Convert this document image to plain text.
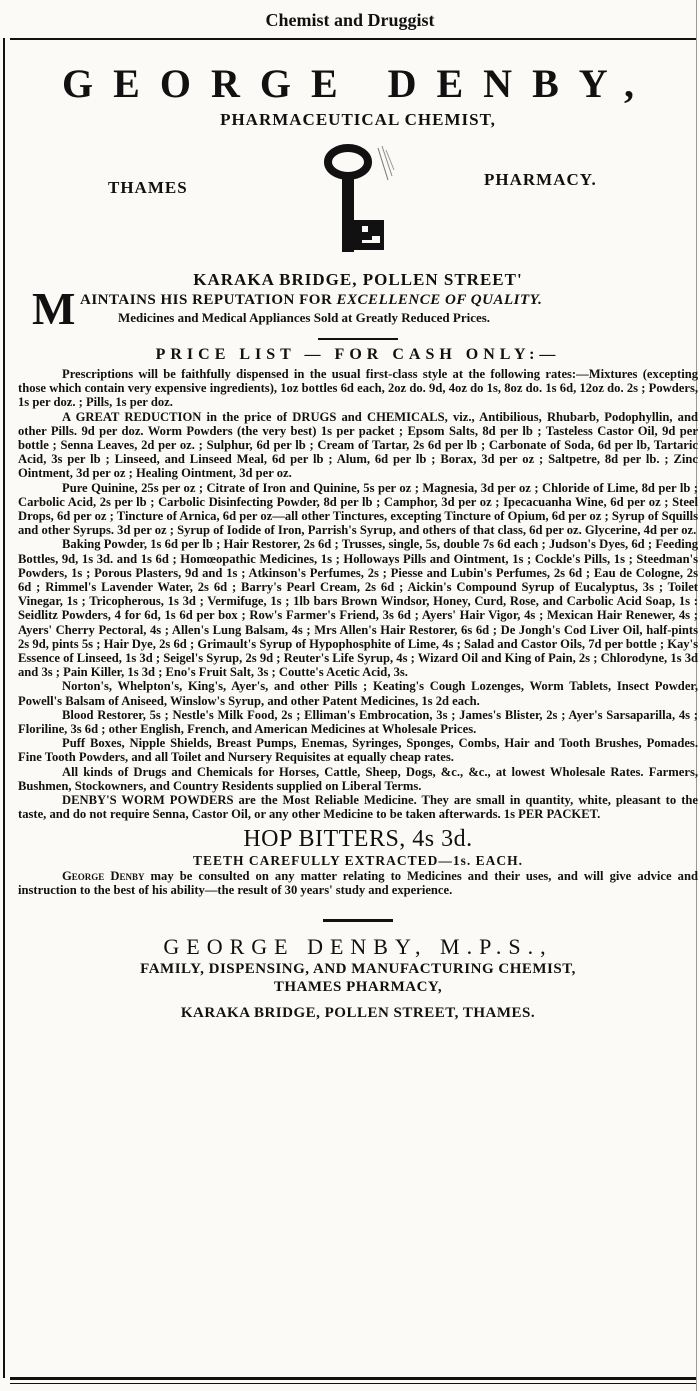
Chemist and Druggist
GEORGE DENBY,
PHARMACEUTICAL CHEMIST,
THAMES	PHARMACY.
KARAKA BRIDGE, POLLEN STREET'
M AINTAINS HIS REPUTATION FOR EXCELLENCE OF QUALITY.
Medicines and Medical Appliances Sold at Greatly Reduced Prices.
PRICE LIST — FOR CASH ONLY:—

Prescriptions will be faithfully dispensed in the usual first-class style at the following rates:—Mixtures (excepting those which contain very expensive ingredients), 1oz bottles 6d each, 2oz do. 9d, 4oz do 1s, 8oz do. 1s 6d, 12oz do. 2s ; Powders, 1s per doz. ; Pills, 1s per doz.

A GREAT REDUCTION in the price of DRUGS and CHEMICALS, viz., Antibilious, Rhubarb, Podophyllin, and other Pills. 9d per doz. Worm Powders (the very best) 1s per packet ; Epsom Salts, 8d per lb ; Tasteless Castor Oil, 9d per bottle ; Senna Leaves, 2d per oz. ; Sulphur, 6d per lb ; Cream of Tartar, 2s 6d per lb ; Carbonate of Soda, 6d per lb, Tartaric Acid, 3s per lb ; Linseed, and Linseed Meal, 6d per lb ; Alum, 6d per lb ; Borax, 3d per oz ; Saltpetre, 8d per lb. ; Zinc Ointment, 3d per oz ; Healing Ointment, 3d per oz.

Pure Quinine, 25s per oz ; Citrate of Iron and Quinine, 5s per oz ; Magnesia, 3d per oz ; Chloride of Lime, 8d per lb ; Carbolic Acid, 2s per lb ; Carbolic Disinfecting Powder, 8d per lb ; Camphor, 3d per oz ; Ipecacuanha Wine, 6d per oz ; Steel Drops, 6d per oz ; Tincture of Arnica, 6d per oz—all other Tinctures, excepting Tincture of Opium, 6d per oz ; Syrup of Squills and other Syrups. 3d per oz ; Syrup of Iodide of Iron, Parrish's Syrup, and others of that class, 6d per oz. Glycerine, 4d per oz.

Baking Powder, 1s 6d per lb ; Hair Restorer, 2s 6d ; Trusses, single, 5s, double 7s 6d each ; Judson's Dyes, 6d ; Feeding Bottles, 9d, 1s 3d. and 1s 6d ; Homœopathic Medicines, 1s ; Holloways Pills and Ointment, 1s ; Cockle's Pills, 1s ; Steedman's Powders, 1s ; Porous Plasters, 9d and 1s ; Atkinson's Perfumes, 2s ; Piesse and Lubin's Perfumes, 2s 6d ; Eau de Cologne, 2s 6d ; Rimmel's Lavender Water, 2s 6d ; Barry's Pearl Cream, 2s 6d ; Aickin's Compound Syrup of Eucalyptus, 3s ; Toilet Vinegar, 1s ; Tricopherous, 1s 3d ; Vermifuge, 1s ; 1lb bars Brown Windsor, Honey, Curd, Rose, and Carbolic Acid Soap, 1s : Seidlitz Powders, 4 for 6d, 1s 6d per box ; Row's Farmer's Friend, 3s 6d ; Ayers' Hair Vigor, 4s ; Mexican Hair Renewer, 4s ; Ayers' Cherry Pectoral, 4s ; Allen's Lung Balsam, 4s ; Mrs Allen's Hair Restorer, 6s 6d ; De Jongh's Cod Liver Oil, half-pints 2s 9d, pints 5s ; Hair Dye, 2s 6d ; Grimault's Syrup of Hypophosphite of Lime, 4s ; Salad and Castor Oils, 7d per bottle ; Kay's Essence of Linseed, 1s 3d ; Seigel's Syrup, 2s 9d ; Reuter's Life Syrup, 4s ; Wizard Oil and King of Pain, 2s ; Chlorodyne, 1s 3d and 3s ; Pain Killer, 1s 3d ; Eno's Fruit Salt, 3s ; Coutte's Acetic Acid, 3s.

Norton's, Whelpton's, King's, Ayer's, and other Pills ; Keating's Cough Lozenges, Worm Tablets, Insect Powder, Powell's Balsam of Aniseed, Winslow's Syrup, and other Patent Medicines, 1s 2d each.

Blood Restorer, 5s ; Nestle's Milk Food, 2s ; Elliman's Embrocation, 3s ; James's Blister, 2s ; Ayer's Sarsaparilla, 4s ; Floriline, 3s 6d ; other English, French, and American Medicines at Wholesale Prices.

Puff Boxes, Nipple Shields, Breast Pumps, Enemas, Syringes, Sponges, Combs, Hair and Tooth Brushes, Pomades. Fine Tooth Powders, and all Toilet and Nursery Requisites at equally cheap rates.

All kinds of Drugs and Chemicals for Horses, Cattle, Sheep, Dogs, &c., &c., at lowest Wholesale Rates. Farmers, Bushmen, Stockowners, and Country Residents supplied on Liberal Terms.

DENBY'S WORM POWDERS are the Most Reliable Medicine. They are small in quantity, white, pleasant to the taste, and do not require Senna, Castor Oil, or any other Medicine to be taken afterwards. 1s PER PACKET.

HOP BITTERS, 4s 3d.
TEETH CAREFULLY EXTRACTED—1s. EACH.

George Denby may be consulted on any matter relating to Medicines and their uses, and will give advice and instruction to the best of his ability—the result of 30 years' study and experience.

GEORGE DENBY, M.P.S.,
FAMILY, DISPENSING, AND MANUFACTURING CHEMIST,
THAMES PHARMACY,
KARAKA BRIDGE, POLLEN STREET, THAMES.
